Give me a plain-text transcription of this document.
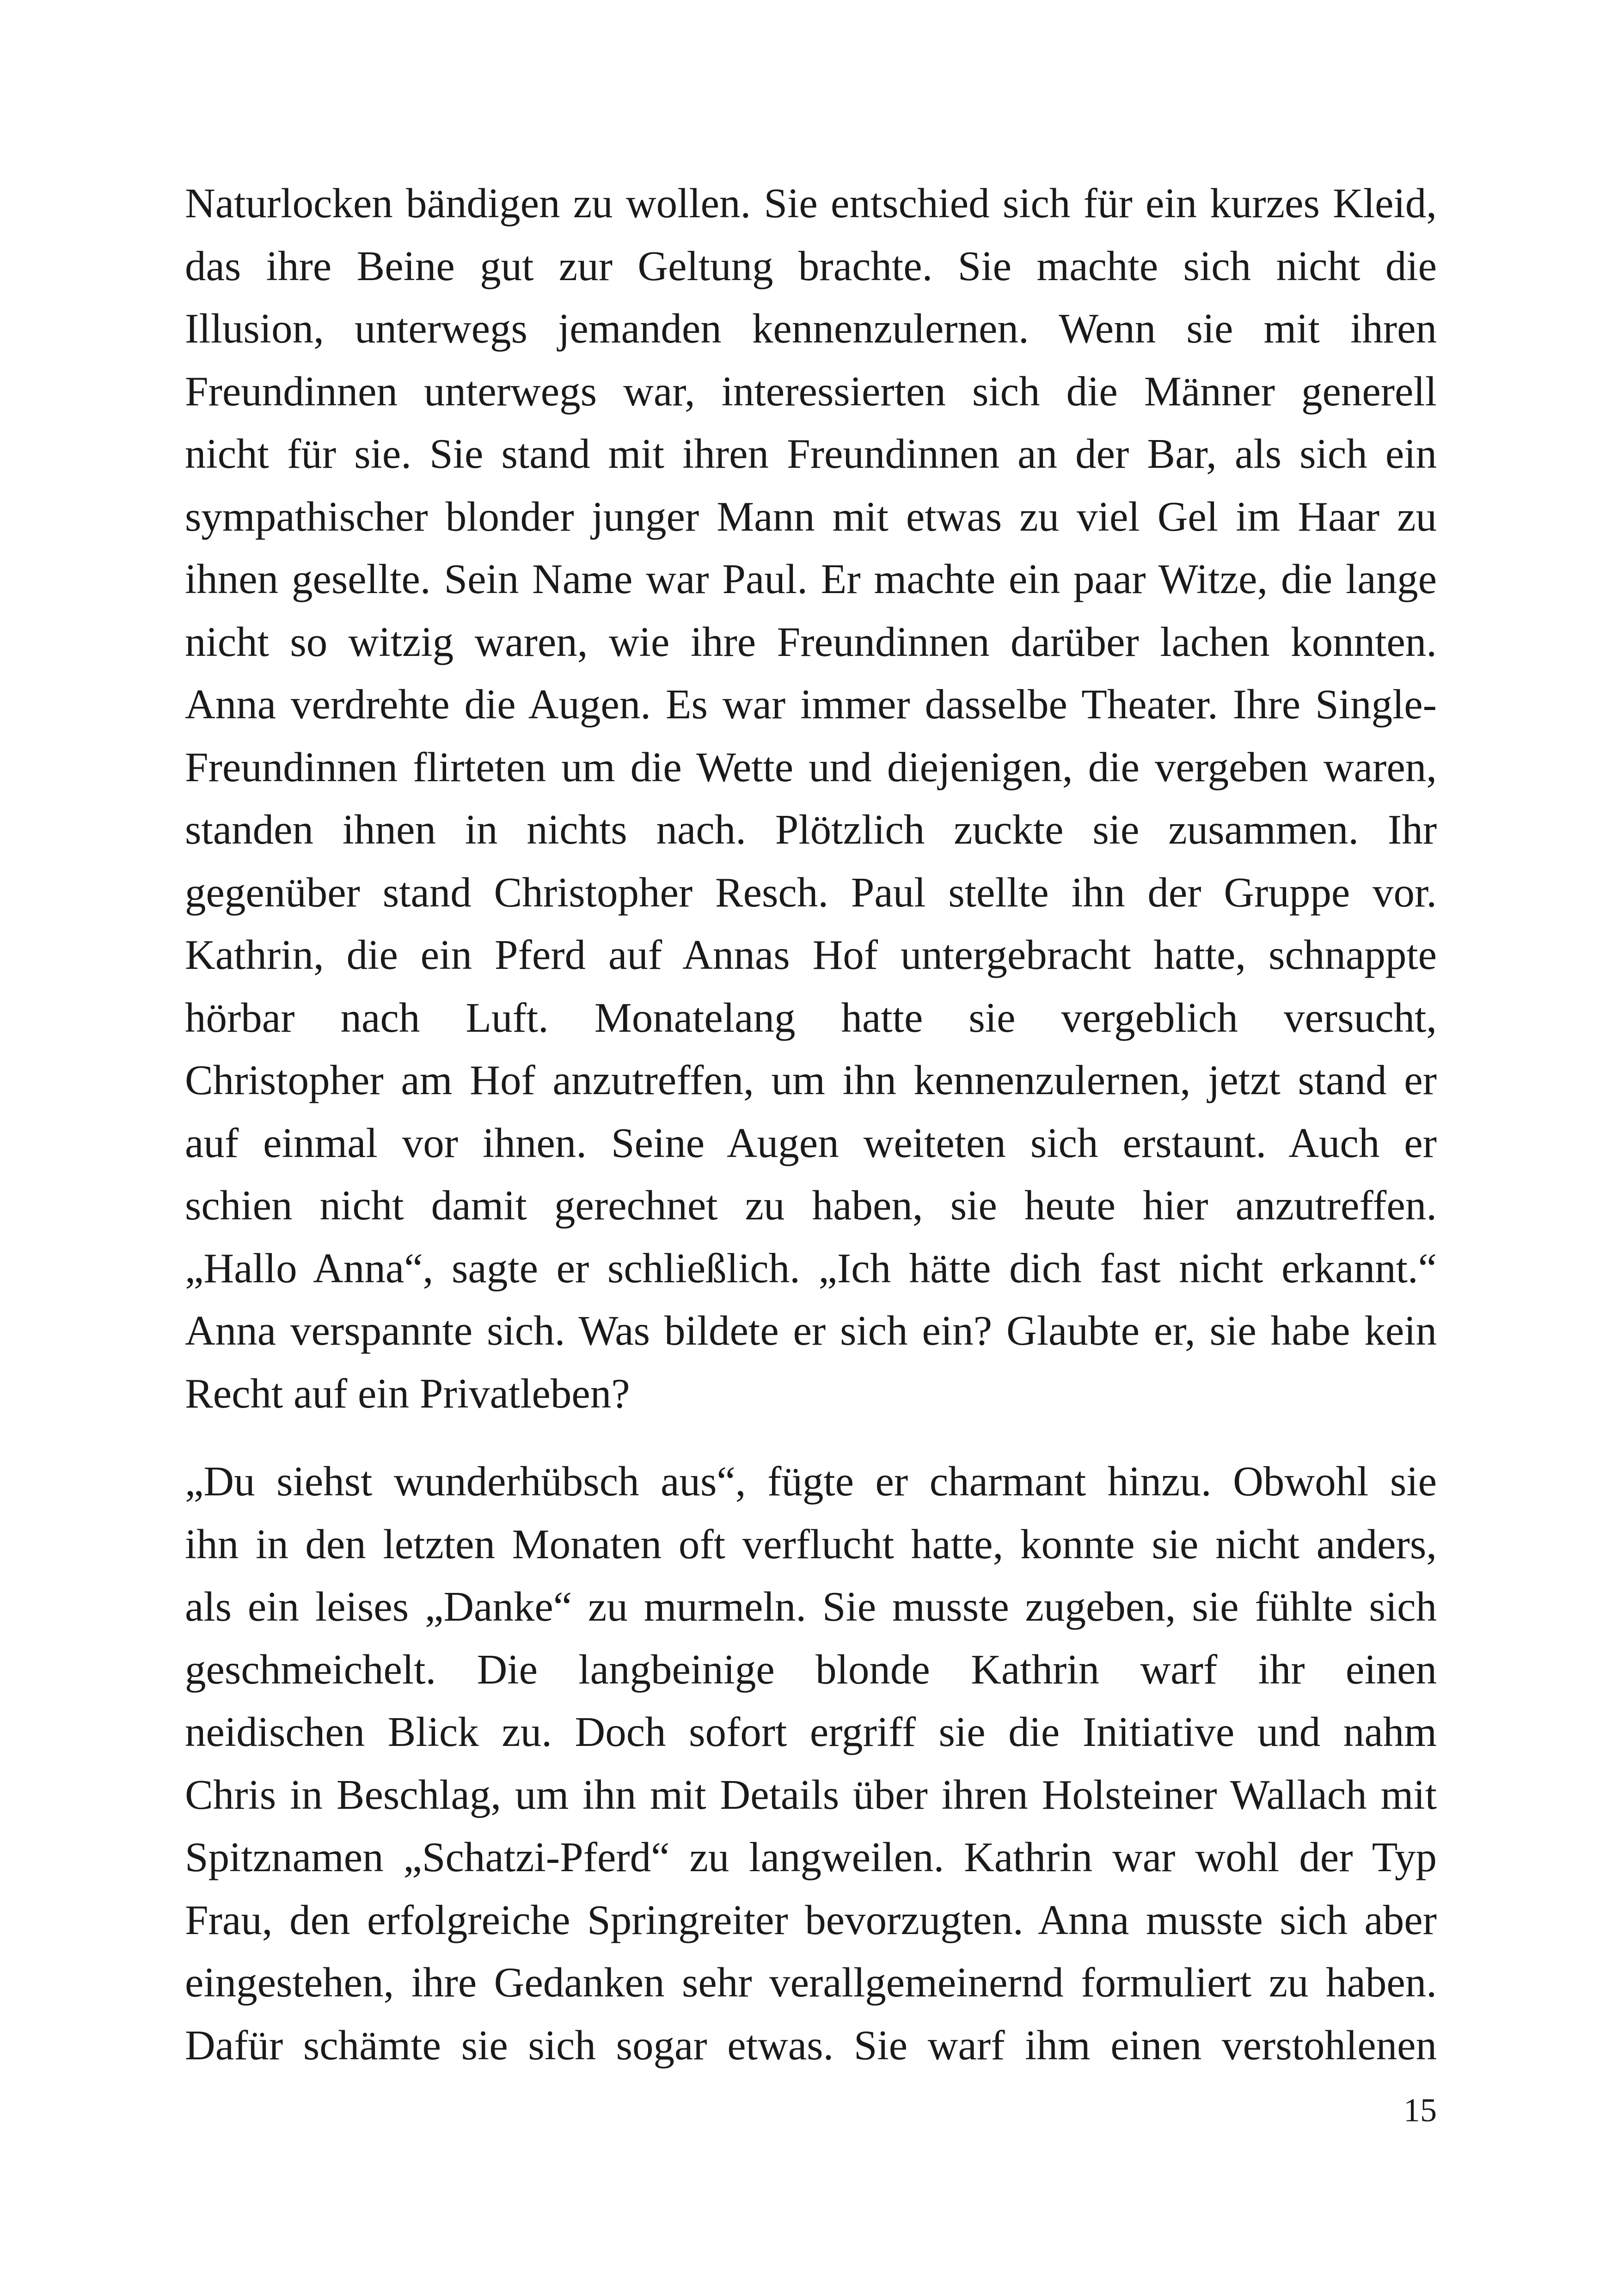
Naturlocken bändigen zu wollen. Sie entschied sich für ein kurzes Kleid,
das ihre Beine gut zur Geltung brachte. Sie machte sich nicht die
Illusion, unterwegs jemanden kennenzulernen. Wenn sie mit ihren
Freundinnen unterwegs war, interessierten sich die Männer generell
nicht für sie. Sie stand mit ihren Freundinnen an der Bar, als sich ein
sympathischer blonder junger Mann mit etwas zu viel Gel im Haar zu
ihnen gesellte. Sein Name war Paul. Er machte ein paar Witze, die lange
nicht so witzig waren, wie ihre Freundinnen darüber lachen konnten.
Anna verdrehte die Augen. Es war immer dasselbe Theater. Ihre Single-
Freundinnen flirteten um die Wette und diejenigen, die vergeben waren,
standen ihnen in nichts nach. Plötzlich zuckte sie zusammen. Ihr
gegenüber stand Christopher Resch. Paul stellte ihn der Gruppe vor.
Kathrin, die ein Pferd auf Annas Hof untergebracht hatte, schnappte
hörbar nach Luft. Monatelang hatte sie vergeblich versucht,
Christopher am Hof anzutreffen, um ihn kennenzulernen, jetzt stand er
auf einmal vor ihnen. Seine Augen weiteten sich erstaunt. Auch er
schien nicht damit gerechnet zu haben, sie heute hier anzutreffen.
„Hallo Anna“, sagte er schließlich. „Ich hätte dich fast nicht erkannt.“
Anna verspannte sich. Was bildete er sich ein? Glaubte er, sie habe kein
Recht auf ein Privatleben?

„Du siehst wunderhübsch aus“, fügte er charmant hinzu. Obwohl sie
ihn in den letzten Monaten oft verflucht hatte, konnte sie nicht anders,
als ein leises „Danke“ zu murmeln. Sie musste zugeben, sie fühlte sich
geschmeichelt. Die langbeinige blonde Kathrin warf ihr einen
neidischen Blick zu. Doch sofort ergriff sie die Initiative und nahm
Chris in Beschlag, um ihn mit Details über ihren Holsteiner Wallach mit
Spitznamen „Schatzi-Pferd“ zu langweilen. Kathrin war wohl der Typ
Frau, den erfolgreiche Springreiter bevorzugten. Anna musste sich aber
eingestehen, ihre Gedanken sehr verallgemeinernd formuliert zu haben.
Dafür schämte sie sich sogar etwas. Sie warf ihm einen verstohlenen

15
